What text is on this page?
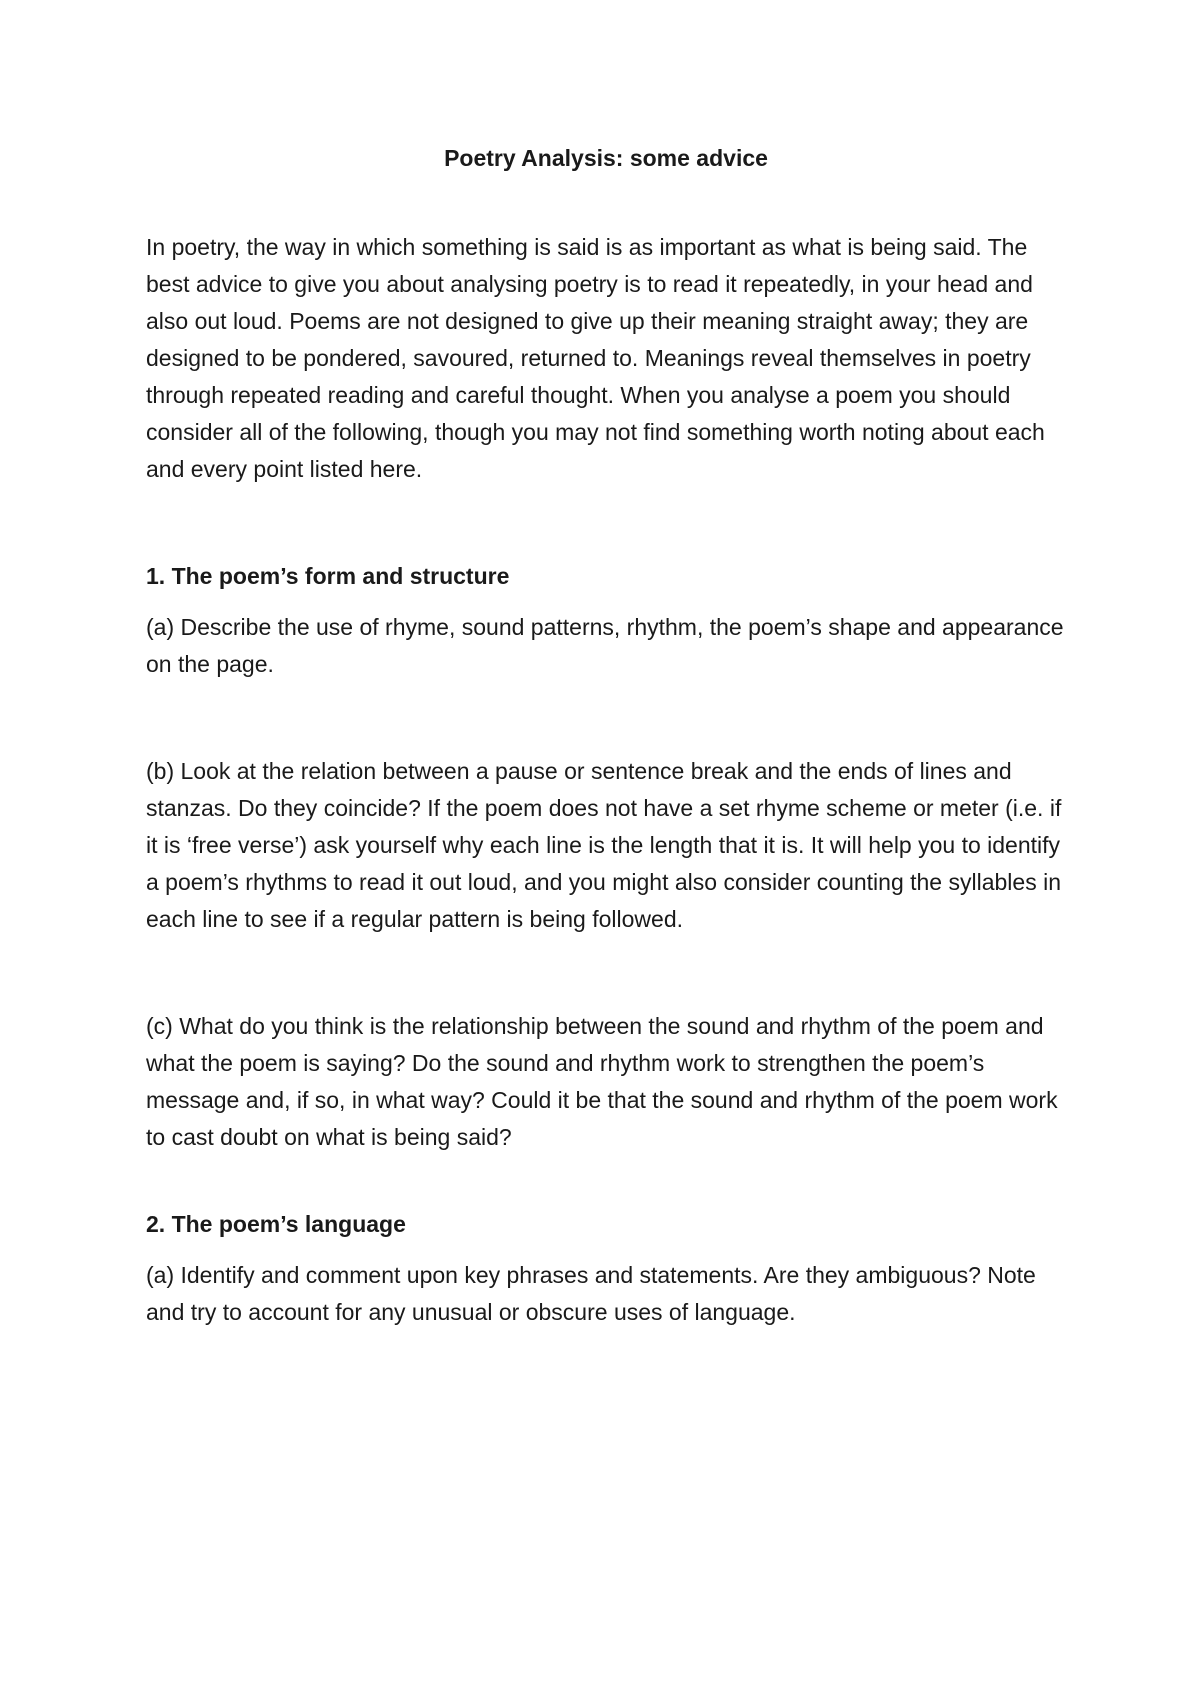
Poetry Analysis: some advice

In poetry, the way in which something is said is as important as what is being said. The best advice to give you about analysing poetry is to read it repeatedly, in your head and also out loud. Poems are not designed to give up their meaning straight away; they are designed to be pondered, savoured, returned to. Meanings reveal themselves in poetry through repeated reading and careful thought. When you analyse a poem you should consider all of the following, though you may not find something worth noting about each and every point listed here.

1. The poem’s form and structure

(a) Describe the use of rhyme, sound patterns, rhythm, the poem’s shape and appearance on the page.

(b) Look at the relation between a pause or sentence break and the ends of lines and stanzas. Do they coincide? If the poem does not have a set rhyme scheme or meter (i.e. if it is ‘free verse’) ask yourself why each line is the length that it is. It will help you to identify a poem’s rhythms to read it out loud, and you might also consider counting the syllables in each line to see if a regular pattern is being followed.

(c) What do you think is the relationship between the sound and rhythm of the poem and what the poem is saying? Do the sound and rhythm work to strengthen the poem’s message and, if so, in what way? Could it be that the sound and rhythm of the poem work to cast doubt on what is being said?

2. The poem’s language

(a) Identify and comment upon key phrases and statements. Are they ambiguous? Note and try to account for any unusual or obscure uses of language.
